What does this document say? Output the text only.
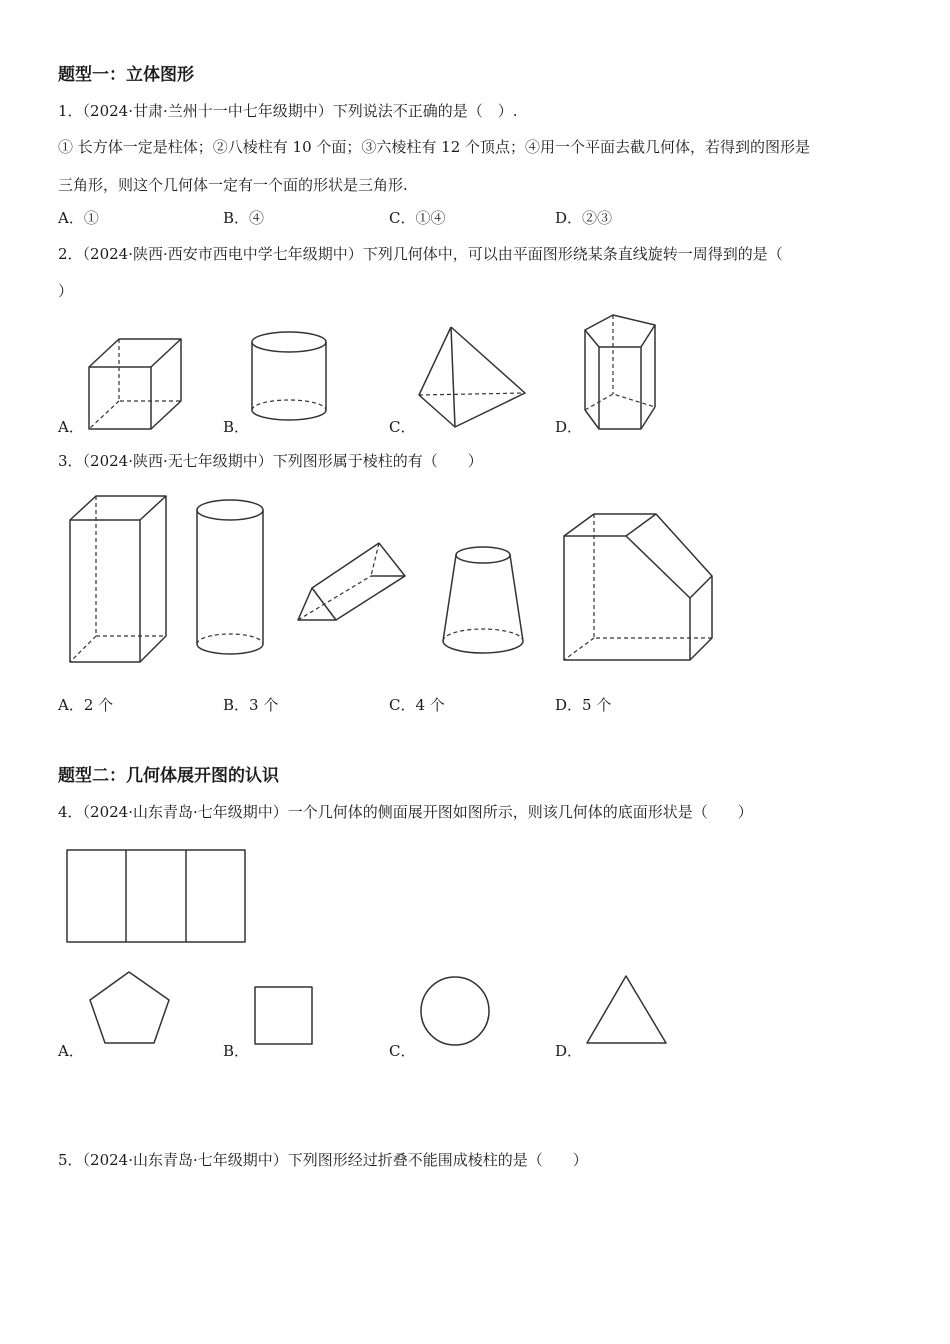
题型一：立体图形
1．（2024·甘肃·兰州十一中七年级期中）下列说法不正确的是（　）.
① 长方体一定是柱体；②八棱柱有 10 个面；③六棱柱有 12 个顶点；④用一个平面去截几何体，若得到的图形是
三角形，则这个几何体一定有一个面的形状是三角形.
A．①	B．④	C．①④	D．②③
2．（2024·陕西·西安市西电中学七年级期中）下列几何体中，可以由平面图形绕某条直线旋转一周得到的是（
）
A．	B．	C．	D．
3．（2024·陕西·无七年级期中）下列图形属于棱柱的有（　　）
A．2 个	B．3 个	C．4 个	D．5 个
题型二：几何体展开图的认识
4．（2024·山东青岛·七年级期中）一个几何体的侧面展开图如图所示，则该几何体的底面形状是（　　）
A．	B．	C．	D．
5．（2024·山东青岛·七年级期中）下列图形经过折叠不能围成棱柱的是（　　）
